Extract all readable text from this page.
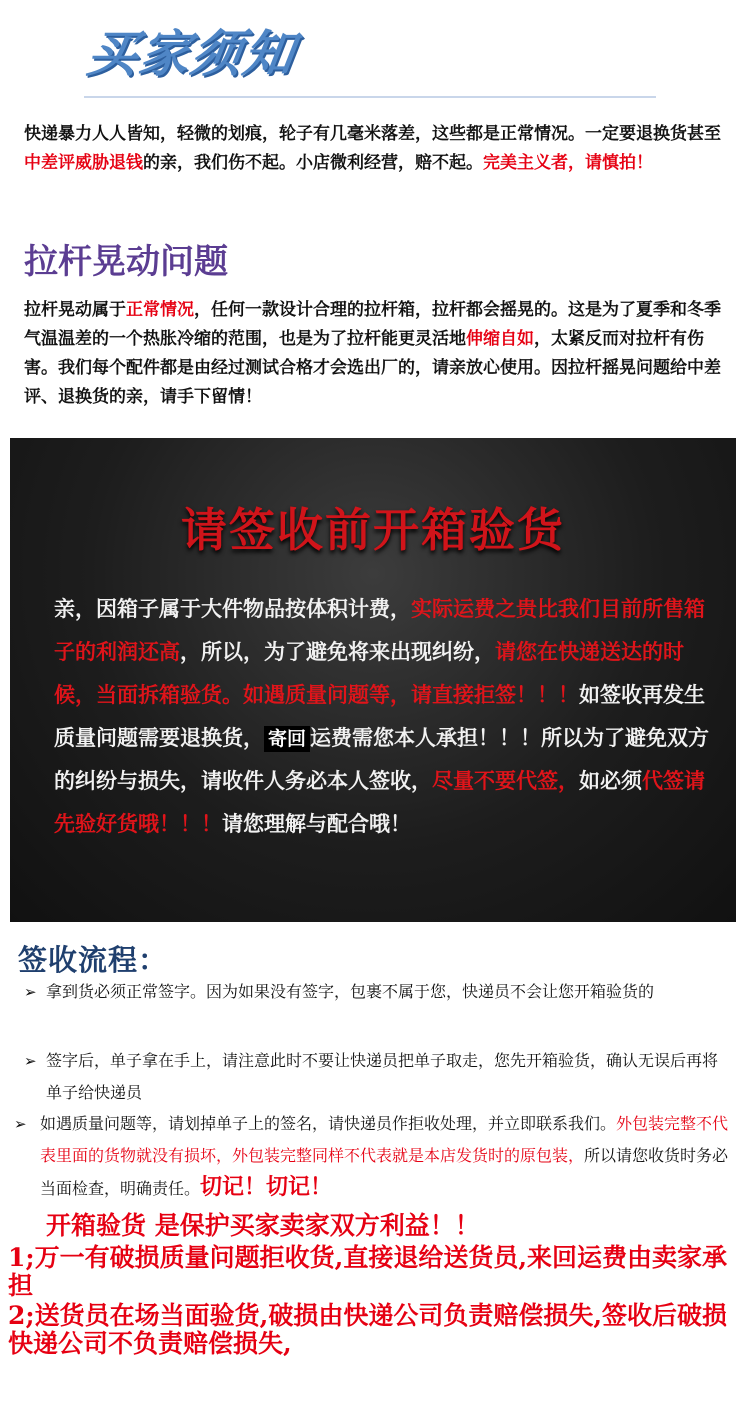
买家须知

快递暴力人人皆知，轻微的划痕，轮子有几毫米落差，这些都是正常情况。一定要退换货甚至中差评威胁退钱的亲，我们伤不起。小店微利经营，赔不起。完美主义者，请慎拍！

拉杆晃动问题

拉杆晃动属于正常情况，任何一款设计合理的拉杆箱，拉杆都会摇晃的。这是为了夏季和冬季气温温差的一个热胀冷缩的范围，也是为了拉杆能更灵活地伸缩自如，太紧反而对拉杆有伤害。我们每个配件都是由经过测试合格才会选出厂的，请亲放心使用。因拉杆摇晃问题给中差评、退换货的亲，请手下留情！

请签收前开箱验货

亲，因箱子属于大件物品按体积计费，实际运费之贵比我们目前所售箱子的利润还高，所以，为了避免将来出现纠纷，请您在快递送达的时候，当面拆箱验货。如遇质量问题等，请直接拒签！！！如签收再发生质量问题需要退换货， 寄回 运费需您本人承担！！！所以为了避免双方的纠纷与损失，请收件人务必本人签收，尽量不要代签，如必须代签请先验好货哦！！！请您理解与配合哦！

签收流程：
➢ 拿到货必须正常签字。因为如果没有签字，包裹不属于您，快递员不会让您开箱验货的
➢ 签字后，单子拿在手上，请注意此时不要让快递员把单子取走，您先开箱验货，确认无误后再将单子给快递员
➢ 如遇质量问题等，请划掉单子上的签名，请快递员作拒收处理，并立即联系我们。外包装完整不代表里面的货物就没有损坏，外包装完整同样不代表就是本店发货时的原包装，所以请您收货时务必当面检查，明确责任。切记！切记！
开箱验货 是保护买家卖家双方利益！！
1;万一有破损质量问题拒收货,直接退给送货员,来回运费由卖家承担
2;送货员在场当面验货,破损由快递公司负责赔偿损失,签收后破损快递公司不负责赔偿损失,
